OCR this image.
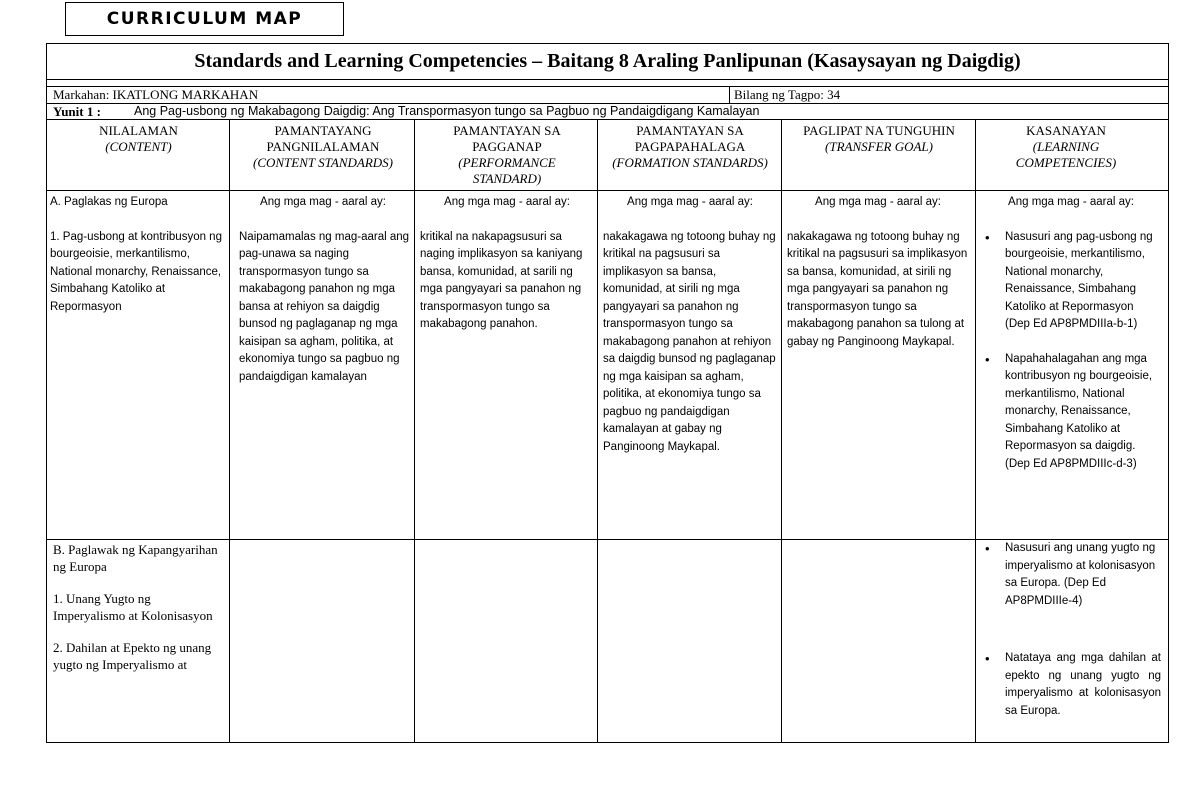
CURRICULUM MAP
Standards and Learning Competencies – Baitang 8 Araling Panlipunan (Kasaysayan ng Daigdig)
Markahan: IKATLONG MARKAHAN	Bilang ng Tagpo: 34
Yunit 1 :	Ang Pag-usbong ng Makabagong Daigdig: Ang Transpormasyon tungo sa Pagbuo ng Pandaigdigang Kamalayan
NILALAMAN
(CONTENT)
PAMANTAYANG PANGNILALAMAN
(CONTENT STANDARDS)
PAMANTAYAN SA PAGGANAP
(PERFORMANCE STANDARD)
PAMANTAYAN SA PAGPAPAHALAGA
(FORMATION STANDARDS)
PAGLIPAT NA TUNGUHIN
(TRANSFER GOAL)
KASANAYAN
(LEARNING COMPETENCIES)

A. Paglakas ng Europa

1. Pag-usbong at kontribusyon ng bourgeoisie, merkantilismo, National monarchy, Renaissance, Simbahang Katoliko at Repormasyon

Ang mga mag - aaral ay:

Naipamamalas ng mag-aaral ang pag-unawa sa naging transpormasyon tungo sa makabagong panahon ng mga bansa at rehiyon sa daigdig bunsod ng paglaganap ng mga kaisipan sa agham, politika, at ekonomiya tungo sa pagbuo ng pandaigdigan kamalayan

Ang mga mag - aaral ay:

kritikal na nakapagsusuri sa naging implikasyon sa kaniyang bansa, komunidad, at sarili ng mga pangyayari sa panahon ng transpormasyon tungo sa makabagong panahon.

Ang mga mag - aaral ay:

nakakagawa ng totoong buhay ng kritikal na pagsusuri sa implikasyon sa bansa, komunidad, at sirili ng mga pangyayari sa panahon ng transpormasyon tungo sa makabagong panahon at rehiyon sa daigdig bunsod ng paglaganap ng mga kaisipan sa agham, politika, at ekonomiya tungo sa pagbuo ng pandaigdigan kamalayan at gabay ng Panginoong Maykapal.

Ang mga mag - aaral ay:

nakakagawa ng totoong buhay ng kritikal na pagsusuri sa implikasyon sa bansa, komunidad, at sirili ng mga pangyayari sa panahon ng transpormasyon tungo sa makabagong panahon sa tulong at gabay ng Panginoong Maykapal.

Ang mga mag - aaral ay:

• Nasusuri ang pag-usbong ng bourgeoisie, merkantilismo, National monarchy, Renaissance, Simbahang Katoliko at Repormasyon (Dep Ed AP8PMDIIIa-b-1)
• Napahahalagahan ang mga kontribusyon ng bourgeoisie, merkantilismo, National monarchy, Renaissance, Simbahang Katoliko at Repormasyon sa daigdig. (Dep Ed AP8PMDIIIc-d-3)

B. Paglawak ng Kapangyarihan ng Europa

1. Unang Yugto ng Imperyalismo at Kolonisasyon

2. Dahilan at Epekto ng unang yugto ng Imperyalismo at

• Nasusuri ang unang yugto ng imperyalismo at kolonisasyon sa Europa. (Dep Ed AP8PMDIIIe-4)
• Natataya ang mga dahilan at epekto ng unang yugto ng imperyalismo at kolonisasyon sa Europa.
